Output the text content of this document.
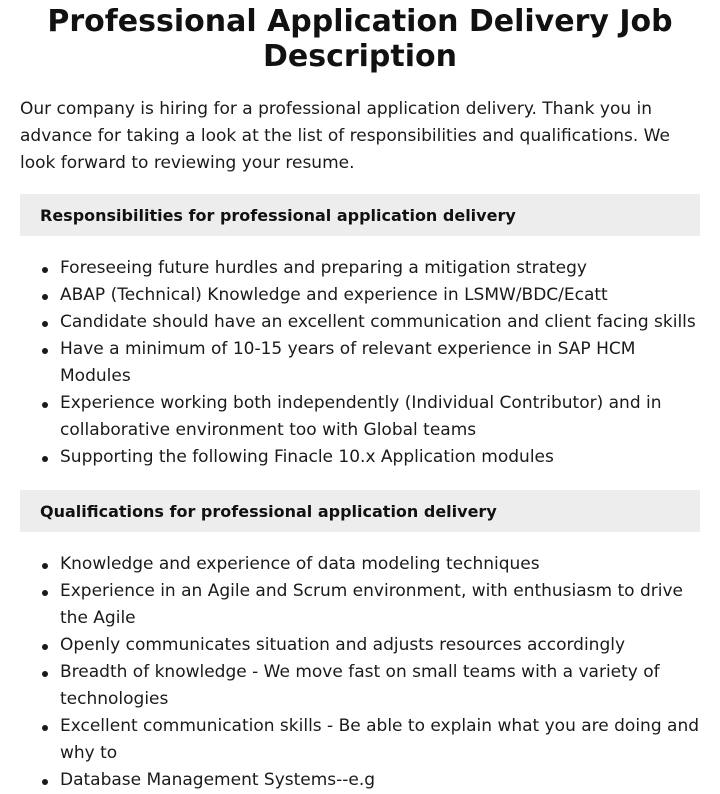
Professional Application Delivery Job Description

Our company is hiring for a professional application delivery. Thank you in advance for taking a look at the list of responsibilities and qualifications. We look forward to reviewing your resume.

Responsibilities for professional application delivery
Foreseeing future hurdles and preparing a mitigation strategy
ABAP (Technical) Knowledge and experience in LSMW/BDC/Ecatt
Candidate should have an excellent communication and client facing skills
Have a minimum of 10-15 years of relevant experience in SAP HCM Modules
Experience working both independently (Individual Contributor) and in collaborative environment too with Global teams
Supporting the following Finacle 10.x Application modules
Qualifications for professional application delivery
Knowledge and experience of data modeling techniques
Experience in an Agile and Scrum environment, with enthusiasm to drive the Agile
Openly communicates situation and adjusts resources accordingly
Breadth of knowledge - We move fast on small teams with a variety of technologies
Excellent communication skills - Be able to explain what you are doing and why to
Database Management Systems--e.g
